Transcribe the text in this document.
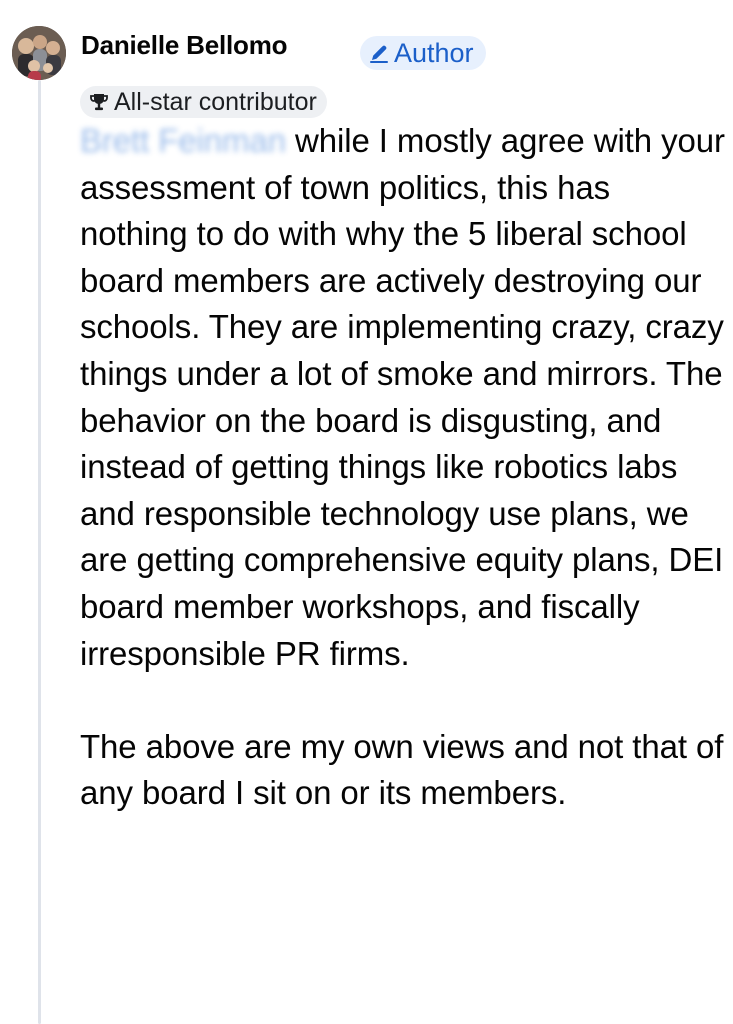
Danielle Bellomo	Author
All-star contributor

Brett Feinman while I mostly agree with your assessment of town politics, this has nothing to do with why the 5 liberal school board members are actively destroying our schools. They are implementing crazy, crazy things under a lot of smoke and mirrors. The behavior on the board is disgusting, and instead of getting things like robotics labs and responsible technology use plans, we are getting comprehensive equity plans, DEI board member workshops, and fiscally irresponsible PR firms.

The above are my own views and not that of any board I sit on or its members.
